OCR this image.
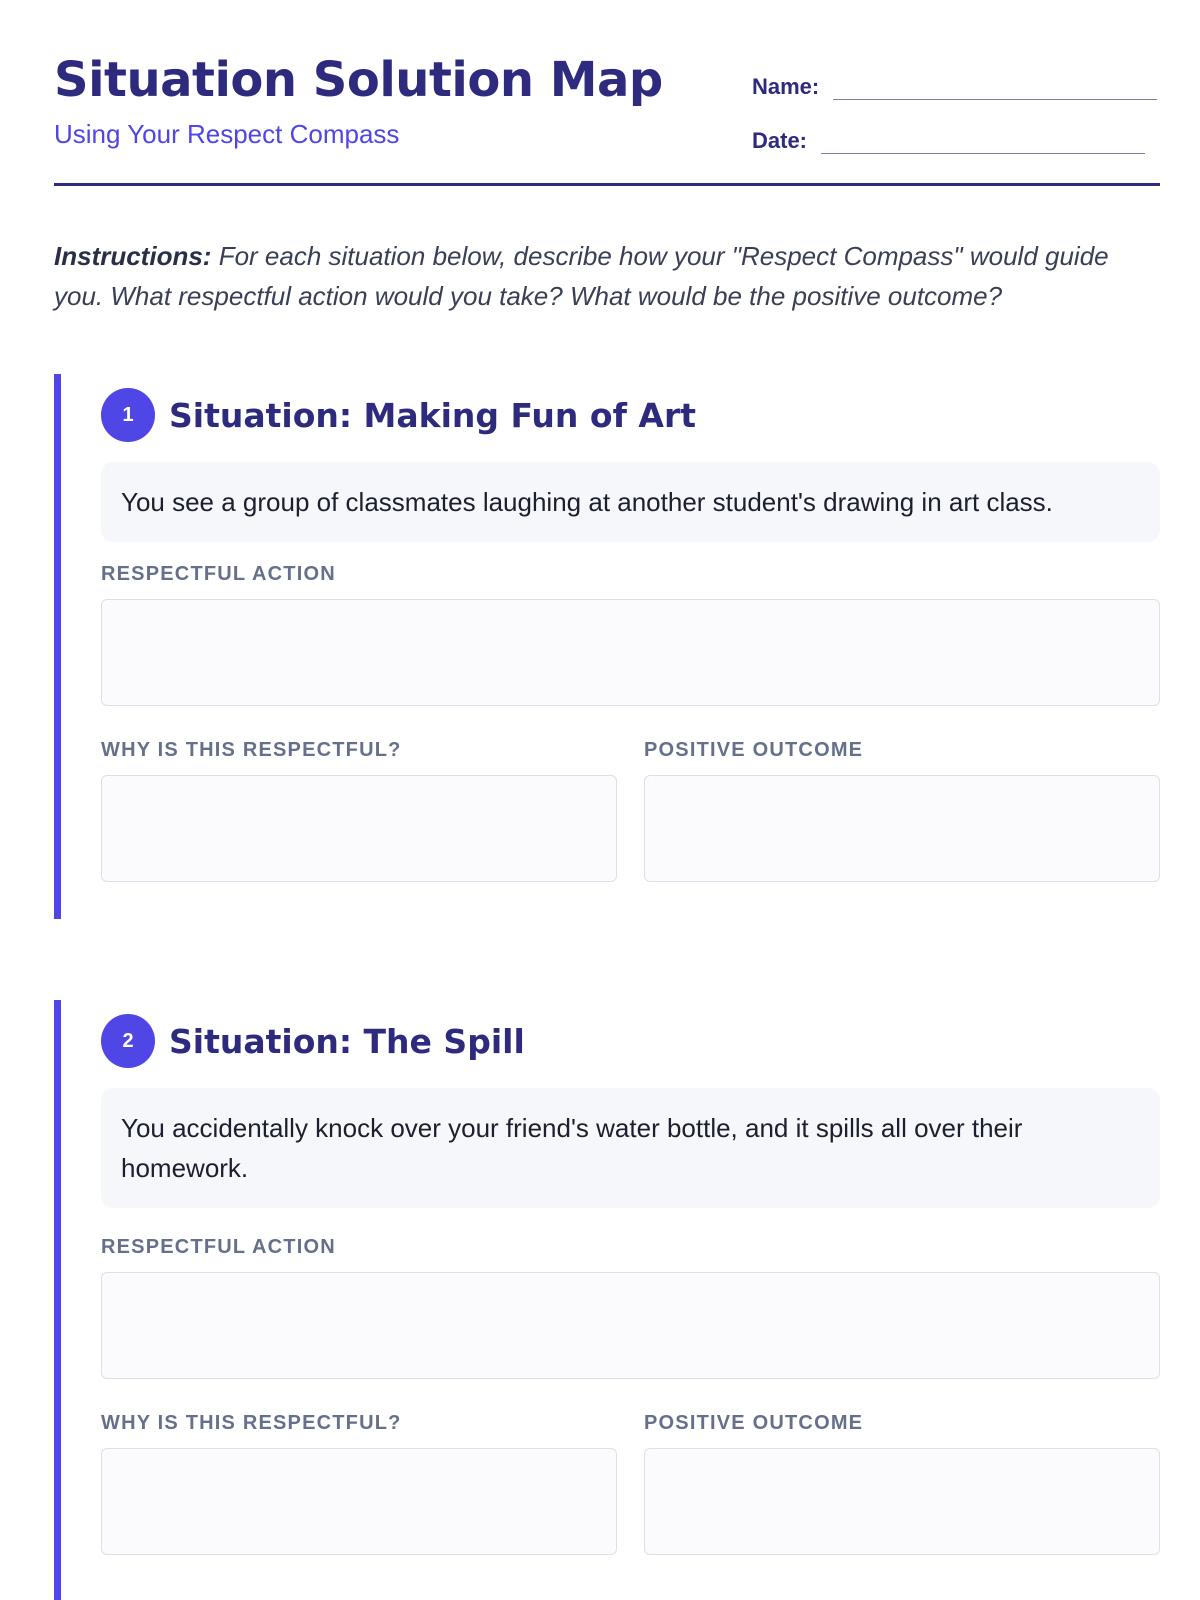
Situation Solution Map
Using Your Respect Compass
Name:
Date:

Instructions: For each situation below, describe how your "Respect Compass" would guide you. What respectful action would you take? What would be the positive outcome?

1	Situation: Making Fun of Art
You see a group of classmates laughing at another student's drawing in art class.
RESPECTFUL ACTION
WHY IS THIS RESPECTFUL?	POSITIVE OUTCOME
2	Situation: The Spill
You accidentally knock over your friend's water bottle, and it spills all over their homework.
RESPECTFUL ACTION
WHY IS THIS RESPECTFUL?	POSITIVE OUTCOME
